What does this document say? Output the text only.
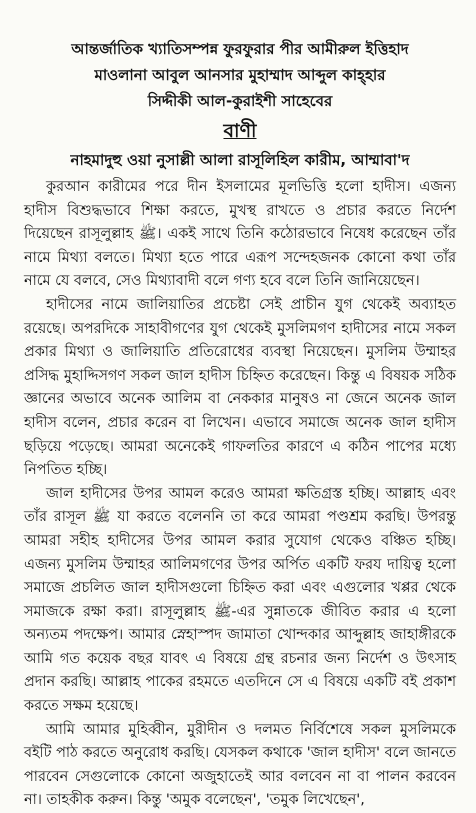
আন্তর্জাতিক খ্যাতিসম্পন্ন ফুরফুরার পীর আমীরুল ইত্তিহাদ
মাওলানা আবুল আনসার মুহাম্মাদ আব্দুল কাহ্হার
সিদ্দীকী আল-কুরাইশী সাহেবের
বাণী
নাহমাদুহু ওয়া নুসাল্লী আলা রাসূলিহিল কারীম, আম্মাবা'দ

কুরআন কারীমের পরে দীন ইসলামের মূলভিত্তি হলো হাদীস। এজন্য হাদীস বিশুদ্ধভাবে শিক্ষা করতে, মুখস্থ রাখতে ও প্রচার করতে নির্দেশ দিয়েছেন রাসূলুল্লাহ ﷺ। একই সাথে তিনি কঠোরভাবে নিষেধ করেছেন তাঁর নামে মিথ্যা বলতে। মিথ্যা হতে পারে এরূপ সন্দেহজনক কোনো কথা তাঁর নামে যে বলবে, সেও মিথ্যাবাদী বলে গণ্য হবে বলে তিনি জানিয়েছেন।

হাদীসের নামে জালিয়াতির প্রচেষ্টা সেই প্রাচীন যুগ থেকেই অব্যাহত রয়েছে। অপরদিকে সাহাবীগণের যুগ থেকেই মুসলিমগণ হাদীসের নামে সকল প্রকার মিথ্যা ও জালিয়াতি প্রতিরোধের ব্যবস্থা নিয়েছেন। মুসলিম উম্মাহর প্রসিদ্ধ মুহাদ্দিসগণ সকল জাল হাদীস চিহ্নিত করেছেন। কিন্তু এ বিষয়ক সঠিক জ্ঞানের অভাবে অনেক আলিম বা নেককার মানুষও না জেনে অনেক জাল হাদীস বলেন, প্রচার করেন বা লিখেন। এভাবে সমাজে অনেক জাল হাদীস ছড়িয়ে পড়েছে। আমরা অনেকেই গাফলতির কারণে এ কঠিন পাপের মধ্যে নিপতিত হচ্ছি।

জাল হাদীসের উপর আমল করেও আমরা ক্ষতিগ্রস্ত হচ্ছি। আল্লাহ এবং তাঁর রাসূল ﷺ যা করতে বলেননি তা করে আমরা পণ্ডশ্রম করছি। উপরন্তু আমরা সহীহ হাদীসের উপর আমল করার সুযোগ থেকেও বঞ্চিত হচ্ছি। এজন্য মুসলিম উম্মাহর আলিমগণের উপর অর্পিত একটি ফরয দায়িত্ব হলো সমাজে প্রচলিত জাল হাদীসগুলো চিহ্নিত করা এবং এগুলোর খপ্পর থেকে সমাজকে রক্ষা করা। রাসূলুল্লাহ ﷺ-এর সুন্নাতকে জীবিত করার এ হলো অন্যতম পদক্ষেপ। আমার স্নেহাস্পদ জামাতা খোন্দকার আব্দুল্লাহ জাহাঙ্গীরকে আমি গত কয়েক বছর যাবৎ এ বিষয়ে গ্রন্থ রচনার জন্য নির্দেশ ও উৎসাহ প্রদান করছি। আল্লাহ পাকের রহমতে এতদিনে সে এ বিষয়ে একটি বই প্রকাশ করতে সক্ষম হয়েছে।

আমি আমার মুহিব্বীন, মুরীদীন ও দলমত নির্বিশেষে সকল মুসলিমকে বইটি পাঠ করতে অনুরোধ করছি। যেসকল কথাকে 'জাল হাদীস' বলে জানতে পারবেন সেগুলোকে কোনো অজুহাতেই আর বলবেন না বা পালন করবেন না। তাহকীক করুন। কিন্তু 'অমুক বলেছেন', 'তমুক লিখেছেন',
